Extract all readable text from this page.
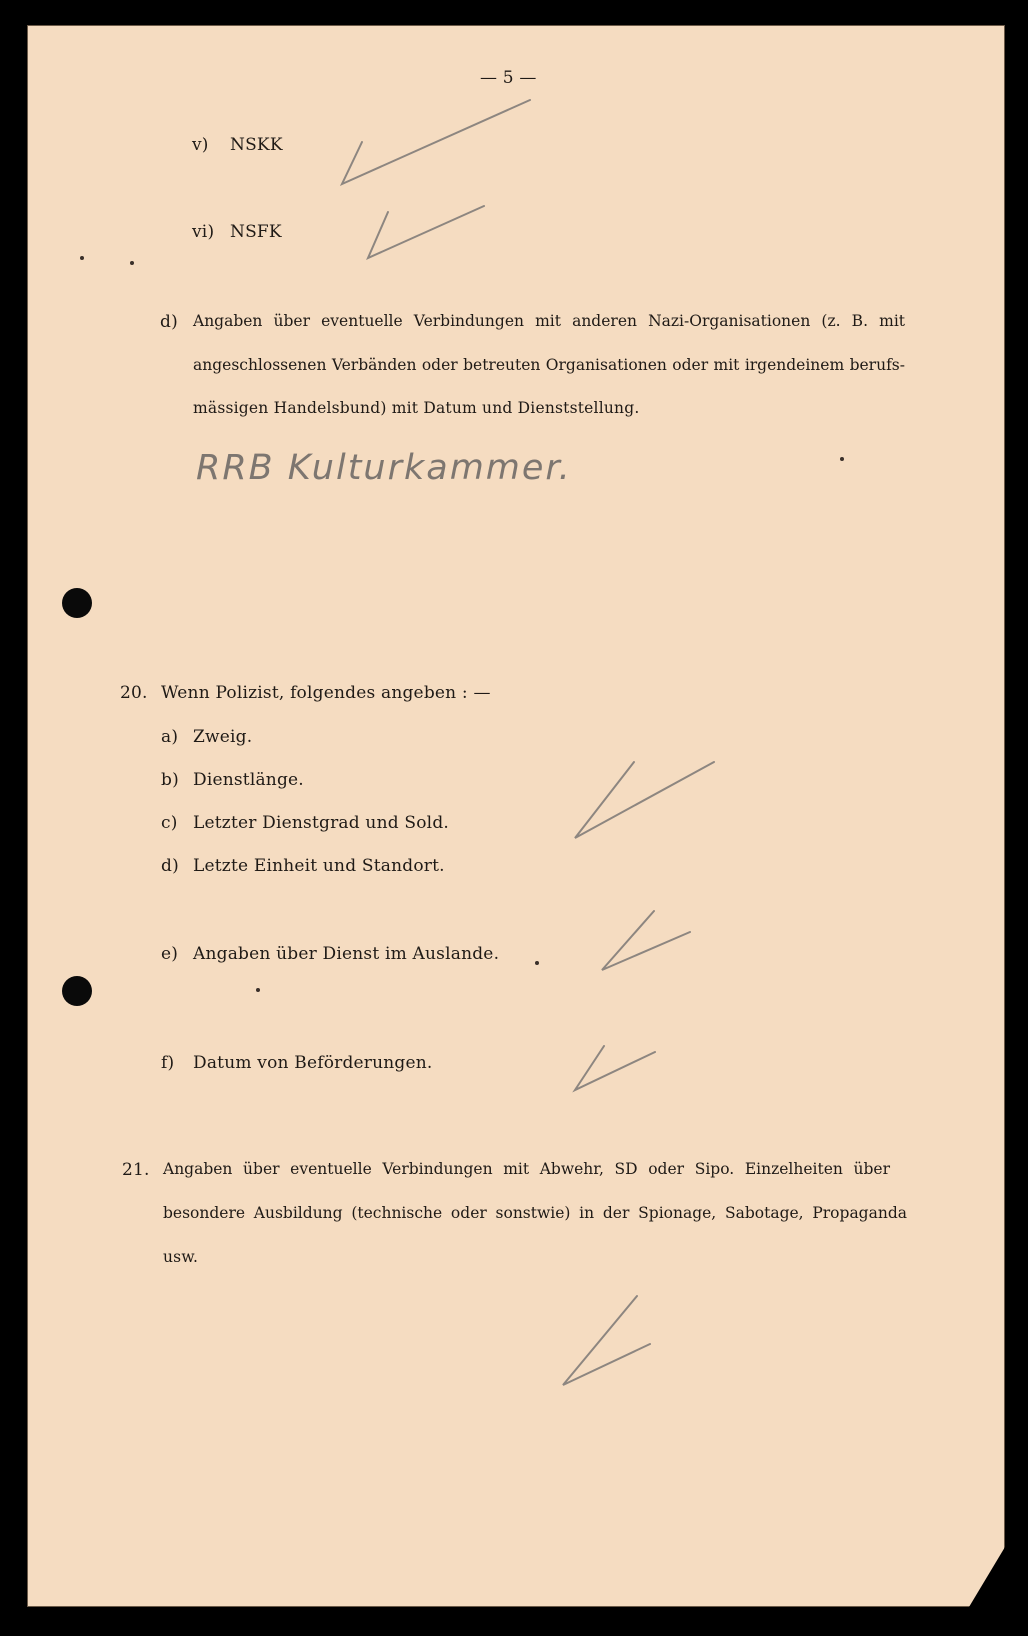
— 5 —
v) NSKK
vi) NSFK
d) Angaben über eventuelle Verbindungen mit anderen Nazi-Organisationen (z. B. mit
angeschlossenen Verbänden oder betreuten Organisationen oder mit irgendeinem berufs-
mässigen Handelsbund) mit Datum und Dienststellung.
RRB Kulturkammer.
20. Wenn Polizist, folgendes angeben : —
a) Zweig.
b) Dienstlänge.
c) Letzter Dienstgrad und Sold.
d) Letzte Einheit und Standort.
e) Angaben über Dienst im Auslande.
f) Datum von Beförderungen.
21. Angaben über eventuelle Verbindungen mit Abwehr, SD oder Sipo. Einzelheiten über
besondere Ausbildung (technische oder sonstwie) in der Spionage, Sabotage, Propaganda
usw.
